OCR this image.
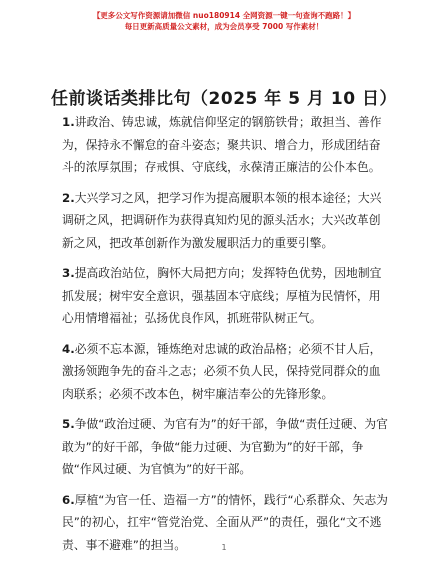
【更多公文写作资源请加微信 nuo180914 全网资源一键一句查询不跑路！】
每日更新高质量公文素材，成为会员享受 7000 写作素材！
任前谈话类排比句（2025 年 5 月 10 日）

1.讲政治、铸忠诚，炼就信仰坚定的钢筋铁骨；敢担当、善作为，保持永不懈怠的奋斗姿态；聚共识、增合力，形成团结奋斗的浓厚氛围；存戒惧、守底线，永葆清正廉洁的公仆本色。

2.大兴学习之风，把学习作为提高履职本领的根本途径；大兴调研之风，把调研作为获得真知灼见的源头活水；大兴改革创新之风，把改革创新作为激发履职活力的重要引擎。

3.提高政治站位，胸怀大局把方向；发挥特色优势，因地制宜抓发展；树牢安全意识，强基固本守底线；厚植为民情怀，用心用情增福祉；弘扬优良作风，抓班带队树正气。

4.必须不忘本源，锤炼绝对忠诚的政治品格；必须不甘人后，激扬领跑争先的奋斗之志；必须不负人民，保持党同群众的血肉联系；必须不改本色，树牢廉洁奉公的先锋形象。

5.争做“政治过硬、为官有为”的好干部，争做“责任过硬、为官敢为”的好干部，争做“能力过硬、为官勤为”的好干部，争做“作风过硬、为官慎为”的好干部。

6.厚植“为官一任、造福一方”的情怀，践行“心系群众、矢志为民”的初心，扛牢“管党治党、全面从严”的责任，强化“文不逃责、事不避难”的担当。	1
